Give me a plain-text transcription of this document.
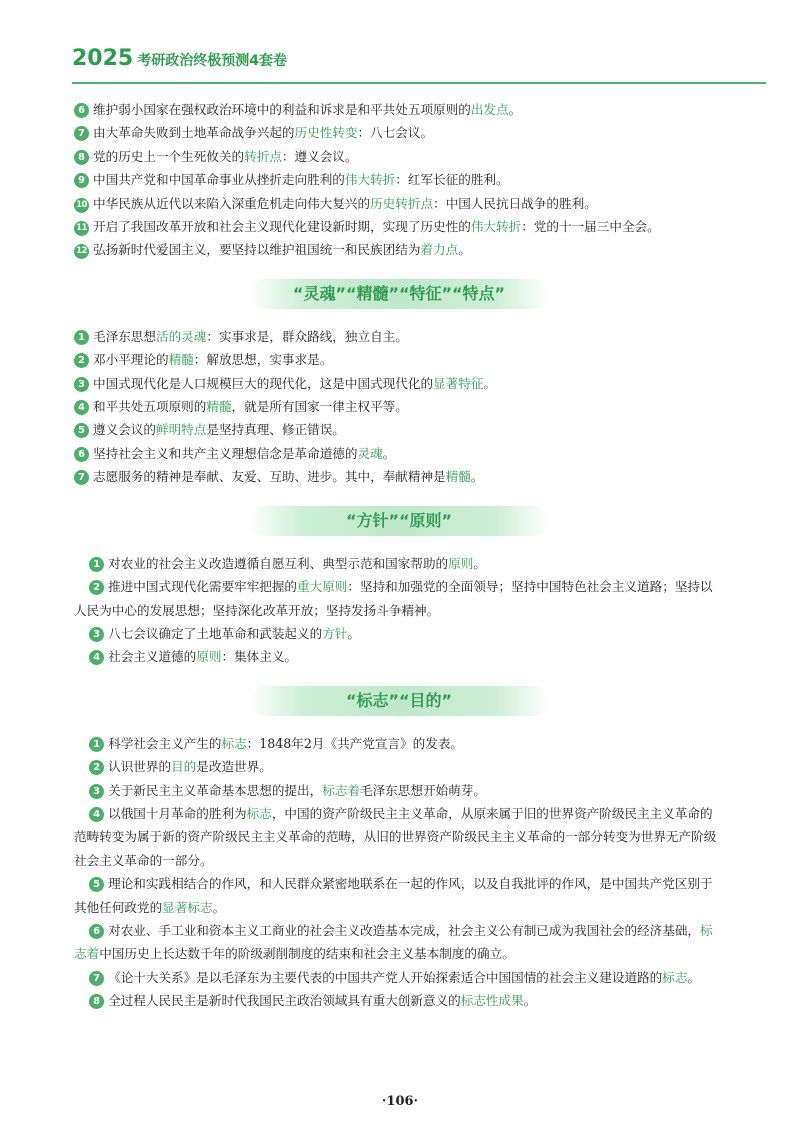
2025 考研政治终极预测4套卷

6 维护弱小国家在强权政治环境中的利益和诉求是和平共处五项原则的出发点。

7 由大革命失败到土地革命战争兴起的历史性转变：八七会议。

8 党的历史上一个生死攸关的转折点：遵义会议。

9 中国共产党和中国革命事业从挫折走向胜利的伟大转折：红军长征的胜利。

10 中华民族从近代以来陷入深重危机走向伟大复兴的历史转折点：中国人民抗日战争的胜利。

11 开启了我国改革开放和社会主义现代化建设新时期，实现了历史性的伟大转折：党的十一届三中全会。

12 弘扬新时代爱国主义，要坚持以维护祖国统一和民族团结为着力点。

“灵魂”“精髓”“特征”“特点”

1 毛泽东思想活的灵魂：实事求是，群众路线，独立自主。

2 邓小平理论的精髓：解放思想，实事求是。

3 中国式现代化是人口规模巨大的现代化，这是中国式现代化的显著特征。

4 和平共处五项原则的精髓，就是所有国家一律主权平等。

5 遵义会议的鲜明特点是坚持真理、修正错误。

6 坚持社会主义和共产主义理想信念是革命道德的灵魂。

7 志愿服务的精神是奉献、友爱、互助、进步。其中，奉献精神是精髓。

“方针”“原则”

1 对农业的社会主义改造遵循自愿互利、典型示范和国家帮助的原则。

2 推进中国式现代化需要牢牢把握的重大原则：坚持和加强党的全面领导；坚持中国特色社会主义道路；坚持以人民为中心的发展思想；坚持深化改革开放；坚持发扬斗争精神。

3 八七会议确定了土地革命和武装起义的方针。

4 社会主义道德的原则：集体主义。

“标志”“目的”

1 科学社会主义产生的标志：1848年2月《共产党宣言》的发表。

2 认识世界的目的是改造世界。

3 关于新民主主义革命基本思想的提出，标志着毛泽东思想开始萌芽。

4 以俄国十月革命的胜利为标志，中国的资产阶级民主主义革命，从原来属于旧的世界资产阶级民主主义革命的范畴转变为属于新的资产阶级民主主义革命的范畴，从旧的世界资产阶级民主主义革命的一部分转变为世界无产阶级社会主义革命的一部分。

5 理论和实践相结合的作风，和人民群众紧密地联系在一起的作风，以及自我批评的作风，是中国共产党区别于其他任何政党的显著标志。

6 对农业、手工业和资本主义工商业的社会主义改造基本完成，社会主义公有制已成为我国社会的经济基础，标志着中国历史上长达数千年的阶级剥削制度的结束和社会主义基本制度的确立。

7 《论十大关系》是以毛泽东为主要代表的中国共产党人开始探索适合中国国情的社会主义建设道路的标志。

8 全过程人民民主是新时代我国民主政治领域具有重大创新意义的标志性成果。

·106·
